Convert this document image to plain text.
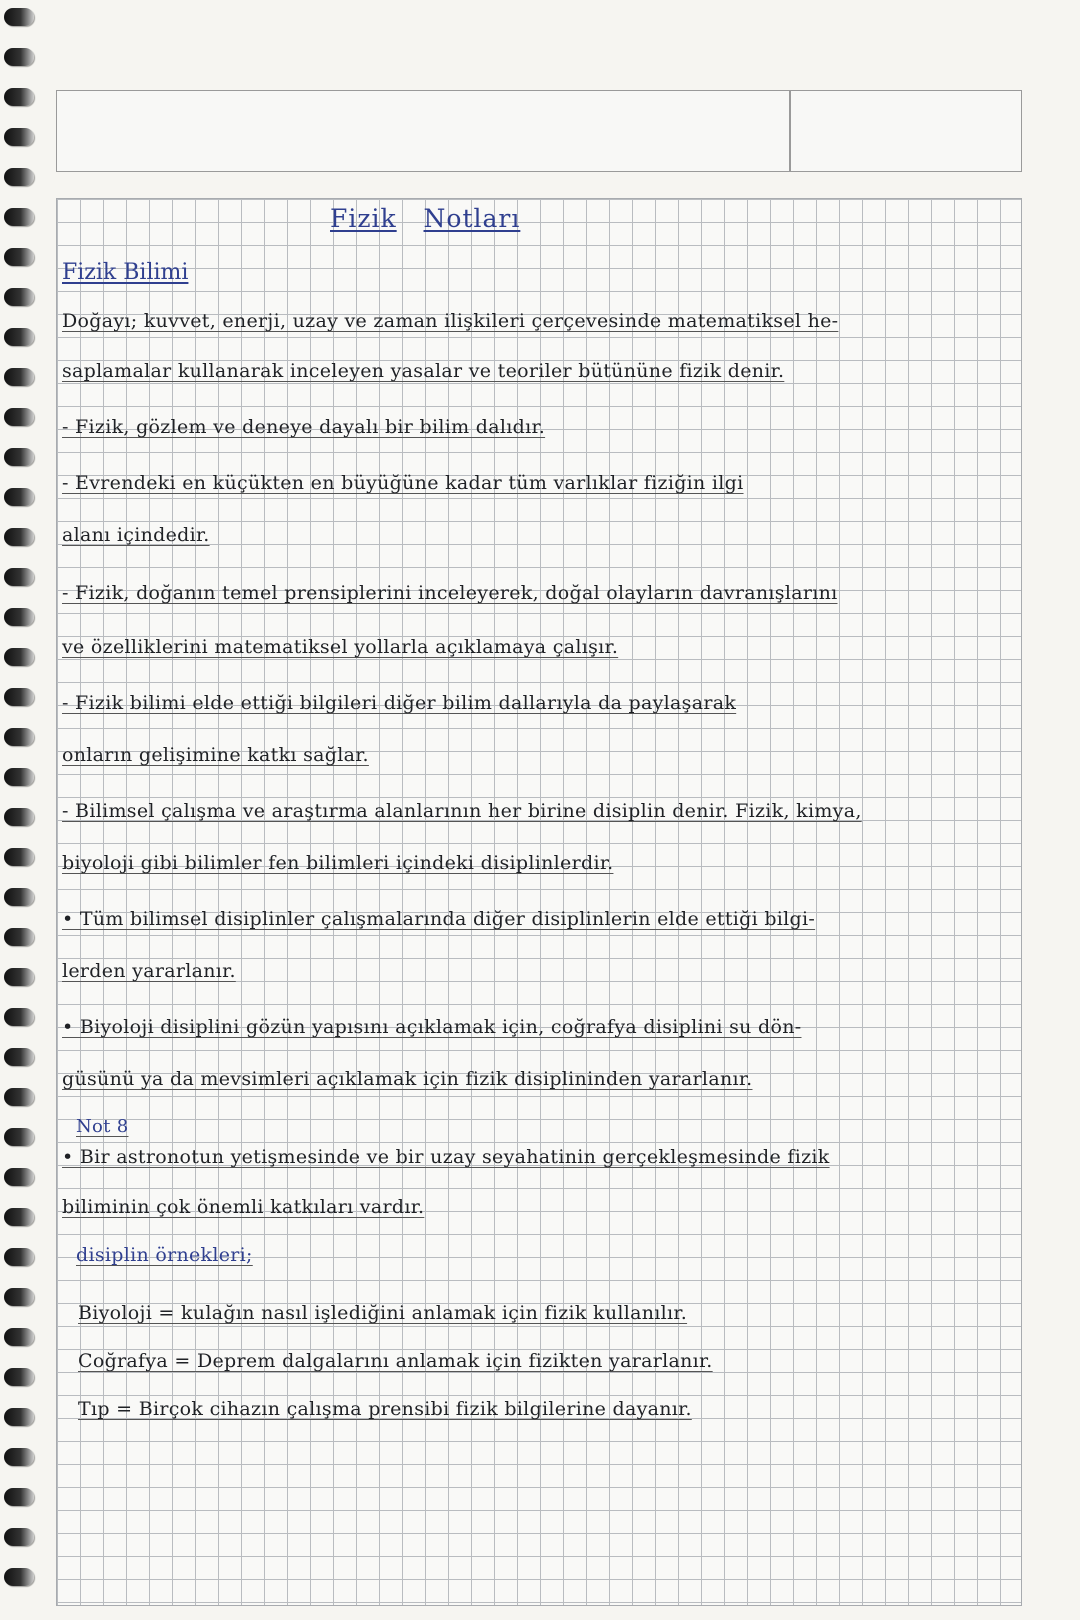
Fizik Notları
Fizik Bilimi
Doğayı; kuvvet, enerji, uzay ve zaman ilişkileri çerçevesinde matematiksel he-
saplamalar kullanarak inceleyen yasalar ve teoriler bütününe fizik denir.
- Fizik, gözlem ve deneye dayalı bir bilim dalıdır.
- Evrendeki en küçükten en büyüğüne kadar tüm varlıklar fiziğin ilgi
alanı içindedir.
- Fizik, doğanın temel prensiplerini inceleyerek, doğal olayların davranışlarını
ve özelliklerini matematiksel yollarla açıklamaya çalışır.
- Fizik bilimi elde ettiği bilgileri diğer bilim dallarıyla da paylaşarak
onların gelişimine katkı sağlar.
- Bilimsel çalışma ve araştırma alanlarının her birine disiplin denir. Fizik, kimya,
biyoloji gibi bilimler fen bilimleri içindeki disiplinlerdir.
• Tüm bilimsel disiplinler çalışmalarında diğer disiplinlerin elde ettiği bilgi-
lerden yararlanır.
• Biyoloji disiplini gözün yapısını açıklamak için, coğrafya disiplini su dön-
güsünü ya da mevsimleri açıklamak için fizik disiplininden yararlanır.
Not 8
• Bir astronotun yetişmesinde ve bir uzay seyahatinin gerçekleşmesinde fizik
biliminin çok önemli katkıları vardır.
disiplin örnekleri;
Biyoloji = kulağın nasıl işlediğini anlamak için fizik kullanılır.
Coğrafya = Deprem dalgalarını anlamak için fizikten yararlanır.
Tıp = Birçok cihazın çalışma prensibi fizik bilgilerine dayanır.
